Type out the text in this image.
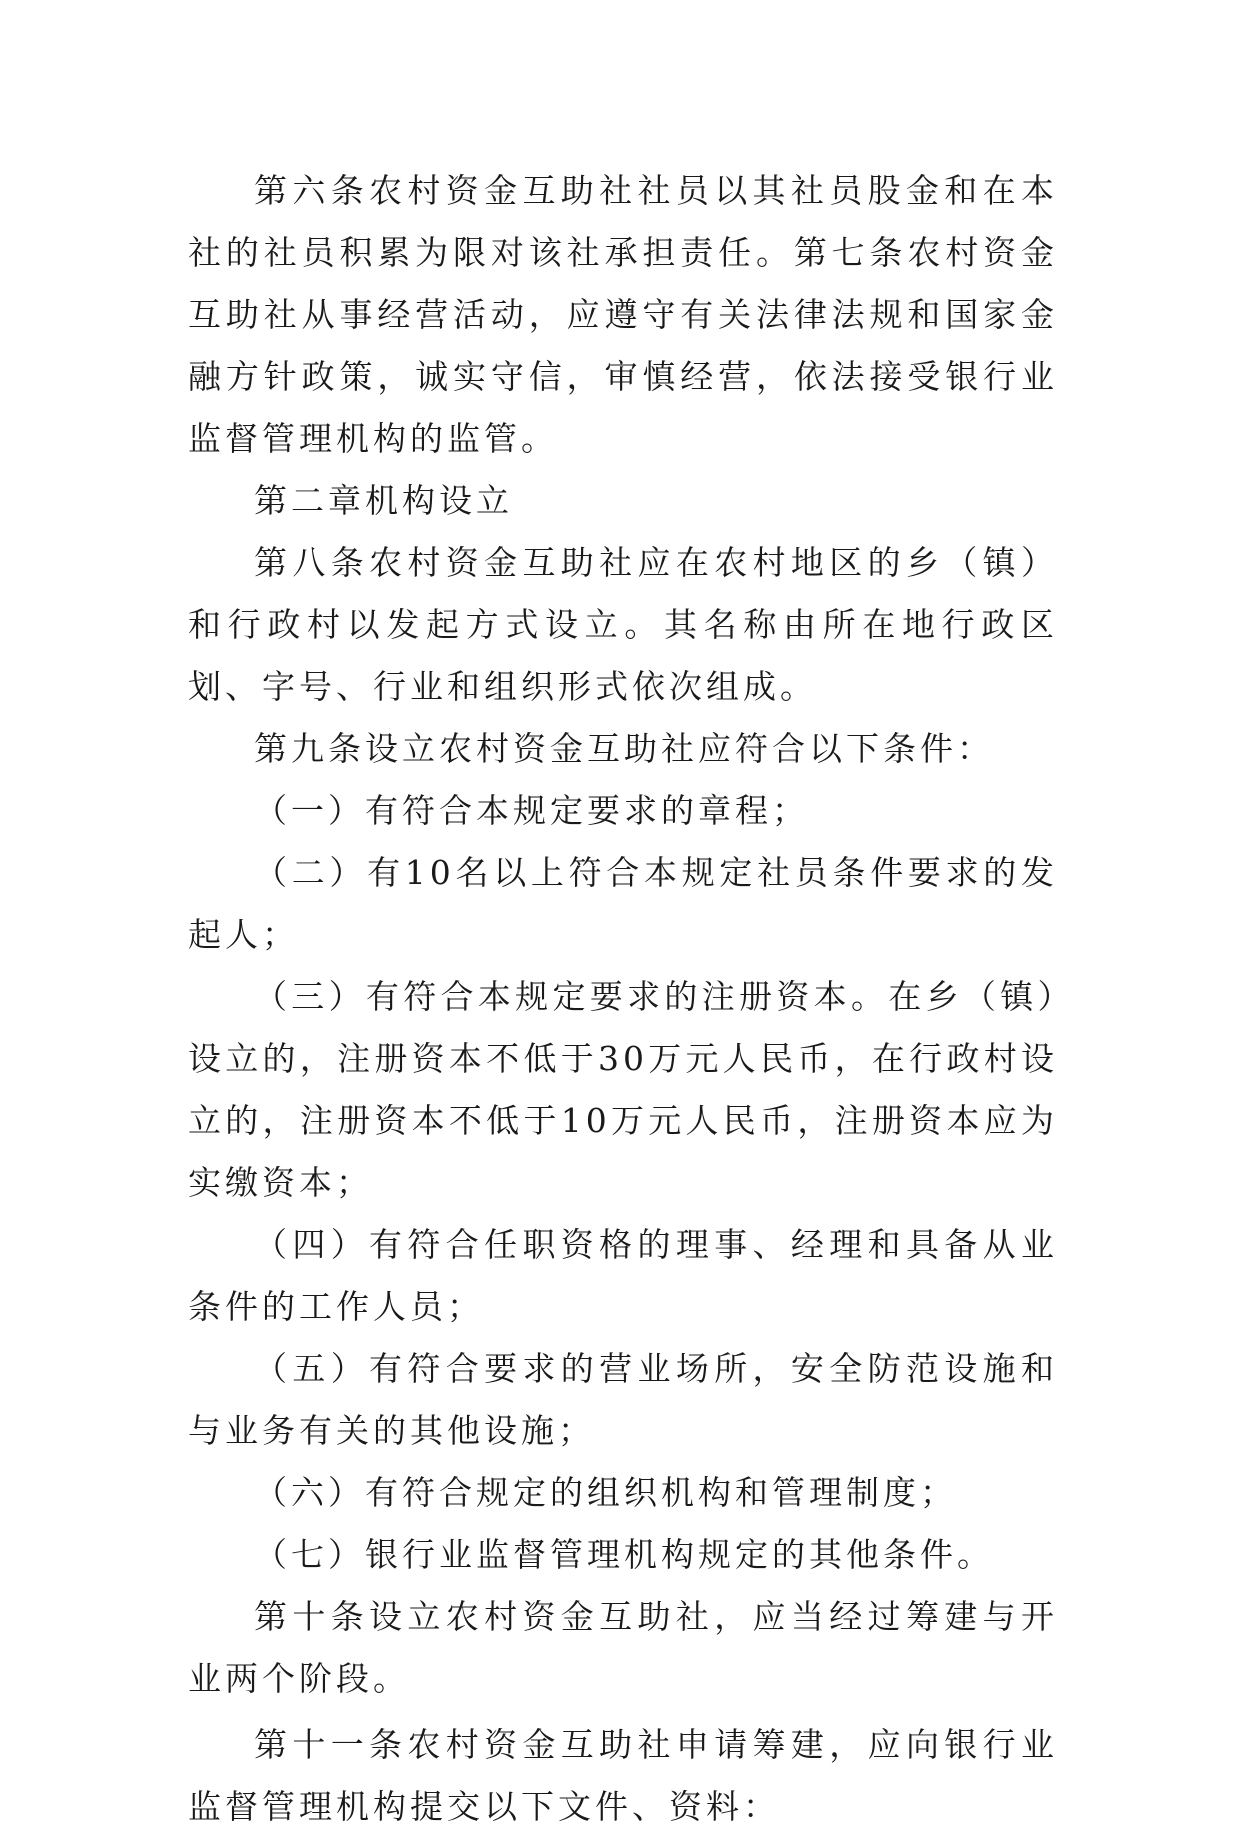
第六条农村资金互助社社员以其社员股金和在本社的社员积累为限对该社承担责任。第七条农村资金互助社从事经营活动，应遵守有关法律法规和国家金融方针政策，诚实守信，审慎经营，依法接受银行业监督管理机构的监管。

第二章机构设立

第八条农村资金互助社应在农村地区的乡（镇）和行政村以发起方式设立。其名称由所在地行政区划、字号、行业和组织形式依次组成。

第九条设立农村资金互助社应符合以下条件：

（一）有符合本规定要求的章程；

（二）有10名以上符合本规定社员条件要求的发起人；

（三）有符合本规定要求的注册资本。在乡（镇）设立的，注册资本不低于30万元人民币，在行政村设立的，注册资本不低于10万元人民币，注册资本应为实缴资本；

（四）有符合任职资格的理事、经理和具备从业条件的工作人员；

（五）有符合要求的营业场所，安全防范设施和与业务有关的其他设施；

（六）有符合规定的组织机构和管理制度；

（七）银行业监督管理机构规定的其他条件。

第十条设立农村资金互助社，应当经过筹建与开业两个阶段。

第十一条农村资金互助社申请筹建，应向银行业监督管理机构提交以下文件、资料：
